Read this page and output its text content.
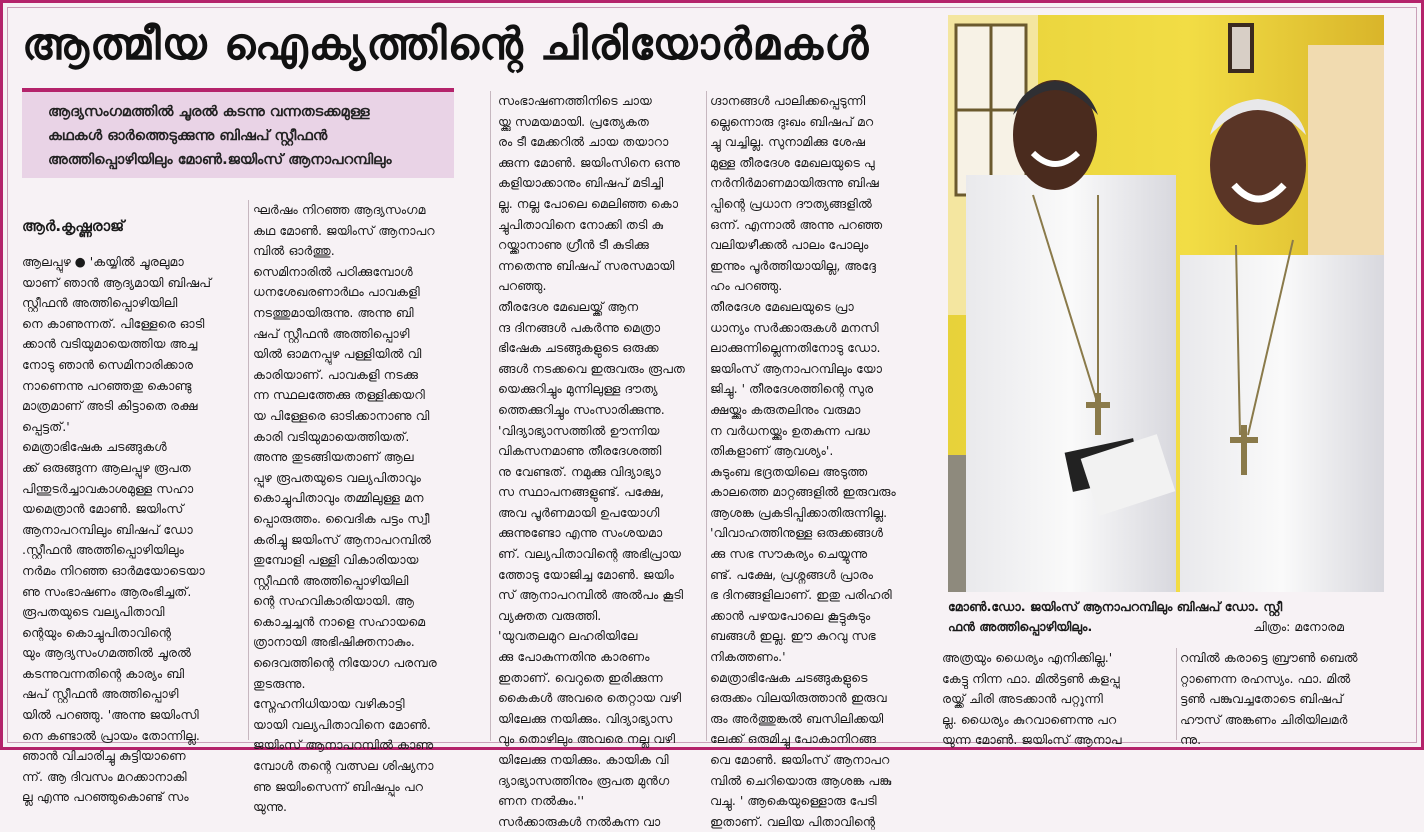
ആത്മീയ ഐക്യത്തിന്റെ ചിരിയോർമകൾ
ആദ്യസംഗമത്തിൽ ചൂരൽ കടന്നു വന്നതടക്കമുള്ള
കഥകൾ ഓർത്തെടുക്കുന്നു ബിഷപ് സ്റ്റീഫൻ
അത്തിപ്പൊഴിയിലും മോൺ.ജയിംസ് ആനാപറമ്പിലും
ആർ.കൃഷ്ണരാജ്
ആലപ്പുഴ ● 'കയ്യിൽ ചൂരലുമാ
യാണ് ഞാൻ ആദ്യമായി ബിഷപ്
സ്റ്റീഫൻ അത്തിപ്പൊഴിയിലി
നെ കാണുന്നത്. പിള്ളേരെ ഓടി
ക്കാൻ വടിയുമായെത്തിയ അച്ച
നോടു ഞാൻ സെമിനാരിക്കാര
നാണെന്നു പറഞ്ഞതു കൊണ്ടു
മാത്രമാണ് അടി കിട്ടാതെ രക്ഷ
പ്പെട്ടത്.'
മെത്രാഭിഷേക ചടങ്ങുകൾ
ക്ക് ഒരുങ്ങുന്ന ആലപ്പുഴ രൂപത
പിന്തുടർച്ചാവകാശമുള്ള സഹാ
യമെത്രാൻ മോൺ. ജയിംസ്
ആനാപറമ്പിലും ബിഷപ് ഡോ
.സ്റ്റീഫൻ അത്തിപ്പൊഴിയിലും
നർമം നിറഞ്ഞ ഓർമയോടെയാ
ണു സംഭാഷണം ആരംഭിച്ചത്.
രൂപതയുടെ വല്യപിതാവി
ന്റെയും കൊച്ചുപിതാവിന്റെ
യും ആദ്യസംഗമത്തിൽ ചൂരൽ
കടന്നുവന്നതിന്റെ കാര്യം ബി
ഷപ് സ്റ്റീഫൻ അത്തിപ്പൊഴി
യിൽ പറഞ്ഞു. 'അന്നു ജയിംസി
നെ കണ്ടാൽ പ്രായം തോന്നില്ല.
ഞാൻ വിചാരിച്ചു കുട്ടിയാണെ
ന്ന്. ആ ദിവസം മറക്കാനാകി
ല്ല എന്നു പറഞ്ഞുകൊണ്ട് സം
ഘർഷം നിറഞ്ഞ ആദ്യസംഗമ
കഥ മോൺ. ജയിംസ് ആനാപറ
മ്പിൽ ഓർത്തു.
സെമിനാരിൽ പഠിക്കുമ്പോൾ
ധനശേഖരണാർഥം പാവകളി
നടത്തുമായിരുന്നു. അന്നു ബി
ഷപ് സ്റ്റീഫൻ അത്തിപ്പൊഴി
യിൽ ഓമനപ്പുഴ പള്ളിയിൽ വി
കാരിയാണ്. പാവകളി നടക്കു
ന്ന സ്ഥലത്തേക്കു തള്ളിക്കയറി
യ പിള്ളേരെ ഓടിക്കാനാണു വി
കാരി വടിയുമായെത്തിയത്.
അന്നു തുടങ്ങിയതാണ് ആല
പ്പുഴ രൂപതയുടെ വല്യപിതാവും
കൊച്ചുപിതാവും തമ്മിലുള്ള മന
പ്പൊരുത്തം. വൈദിക പട്ടം സ്വീ
കരിച്ചു ജയിംസ് ആനാപറമ്പിൽ
തുമ്പോളി പള്ളി വികാരിയായ
സ്റ്റീഫൻ അത്തിപ്പൊഴിയിലി
ന്റെ സഹവികാരിയായി. ആ
കൊച്ചച്ചൻ നാളെ സഹായമെ
ത്രാനായി അഭിഷിക്തനാകും.
ദൈവത്തിന്റെ നിയോഗ പരമ്പര
തുടരുന്നു.
സ്നേഹനിധിയായ വഴികാട്ടി
യായി വല്യപിതാവിനെ മോൺ.
ജയിംസ് ആനാപറമ്പിൽ കാണു
മ്പോൾ തന്റെ വത്സല ശിഷ്യനാ
ണു ജയിംസെന്ന് ബിഷപ്പും പറ
യുന്നു.
സംഭാഷണത്തിനിടെ ചായ
യ്ക്കു സമയമായി. പ്രത്യേകത
രം ടീ മേക്കറിൽ ചായ തയാറാ
ക്കുന്ന മോൺ. ജയിംസിനെ ഒന്നു
കളിയാക്കാനും ബിഷപ് മടിച്ചി
ല്ല. നല്ല പോലെ മെലിഞ്ഞ കൊ
ച്ചുപിതാവിനെ നോക്കി തടി കു
റയ്ക്കാനാണു ഗ്രീൻ ടീ കുടിക്കു
ന്നതെന്നു ബിഷപ് സരസമായി
പറഞ്ഞു.
തീരദേശ മേഖലയ്ക്ക് ആന
ന്ദ ദിനങ്ങൾ പകർന്നു മെത്രാ
ഭിഷേക ചടങ്ങുകളുടെ ഒരുക്ക
ങ്ങൾ നടക്കവെ ഇരുവരും രൂപത
യെക്കുറിച്ചും മുന്നിലുള്ള ദൗത്യ
ത്തെക്കുറിച്ചും സംസാരിക്കുന്നു.
'വിദ്യാഭ്യാസത്തിൽ ഊന്നിയ
വികസനമാണു തീരദേശത്തി
നു വേണ്ടത്. നമുക്കു വിദ്യാഭ്യാ
സ സ്ഥാപനങ്ങളുണ്ട്. പക്ഷേ,
അവ പൂർണമായി ഉപയോഗി
ക്കുന്നുണ്ടോ എന്നു സംശയമാ
ണ്. വല്യപിതാവിന്റെ അഭിപ്രായ
ത്തോടു യോജിച്ച മോൺ. ജയിം
സ് ആനാപറമ്പിൽ അൽപം കൂടി
വ്യക്തത വരുത്തി.
'യുവതലമുറ ലഹരിയിലേ
ക്കു പോകുന്നതിനു കാരണം
ഇതാണ്. വെറുതെ ഇരിക്കുന്ന
കൈകൾ അവരെ തെറ്റായ വഴി
യിലേക്കു നയിക്കും. വിദ്യാഭ്യാസ
വും തൊഴിലും അവരെ നല്ല വഴി
യിലേക്കു നയിക്കും. കായിക വി
ദ്യാഭ്യാസത്തിനും രൂപത മുൻഗ
ണന നൽകും.''
സർക്കാരുകൾ നൽകുന്ന വാ
ഗ്ദാനങ്ങൾ പാലിക്കപ്പെടുന്നി
ല്ലെന്നൊരു ദുഃഖം ബിഷപ് മറ
ച്ചു വച്ചില്ല. സുനാമിക്കു ശേഷ
മുള്ള തീരദേശ മേഖലയുടെ പു
നർനിർമാണമായിരുന്നു ബിഷ
പ്പിന്റെ പ്രധാന ദൗത്യങ്ങളിൽ
ഒന്ന്. എന്നാൽ അന്നു പറഞ്ഞ
വലിയഴീക്കൽ പാലം പോലും
ഇന്നും പൂർത്തിയായില്ല, അദ്ദേ
ഹം പറഞ്ഞു.
തീരദേശ മേഖലയുടെ പ്രാ
ധാന്യം സർക്കാരുകൾ മനസി
ലാക്കുന്നില്ലെന്നതിനോടു ഡോ.
ജയിംസ് ആനാപറമ്പിലും യോ
ജിച്ചു. ' തീരദേശത്തിന്റെ സുര
ക്ഷയ്ക്കും കരുതലിനും വരുമാ
ന വർധനയ്ക്കും ഉതകുന്ന പദ്ധ
തികളാണ് ആവശ്യം'.
കുടുംബ ഭദ്രതയിലെ അടുത്ത
കാലത്തെ മാറ്റങ്ങളിൽ ഇരുവരും
ആശങ്ക പ്രകടിപ്പിക്കാതിരുന്നില്ല.
'വിവാഹത്തിനുള്ള ഒരുക്കങ്ങൾ
ക്കു സഭ സൗകര്യം ചെയ്യുന്നു
ണ്ട്. പക്ഷേ, പ്രശ്നങ്ങൾ പ്രാരം
ഭ ദിനങ്ങളിലാണ്. ഇതു പരിഹരി
ക്കാൻ പഴയപോലെ കൂട്ടുകുടും
ബങ്ങൾ ഇല്ല. ഈ കുറവു സഭ
നികത്തണം.'
മെത്രാഭിഷേക ചടങ്ങുകളുടെ
ഒരുക്കം വിലയിരുത്താൻ ഇരുവ
രും അർത്തുങ്കൽ ബസിലിക്കയി
ലേക്ക് ഒരുമിച്ചു പോകാനിറങ്ങ
വെ മോൺ. ജയിംസ് ആനാപറ
മ്പിൽ ചെറിയൊരു ആശങ്ക പങ്കു
വച്ചു. ' ആകെയുള്ളൊരു പേടി
ഇതാണ്. വലിയ പിതാവിന്റെ
അത്രയും ധൈര്യം എനിക്കില്ല.'
കേട്ടു നിന്ന ഫാ. മിൽട്ടൺ കളപ്പു
രയ്ക്ക് ചിരി അടക്കാൻ പറ്റുന്നി
ല്ല. ധൈര്യം കുറവാണെന്നു പറ
യുന്ന മോൺ. ജയിംസ് ആനാപ
റമ്പിൽ കരാട്ടെ ബ്രൗൺ ബെൽ
റ്റാണെന്ന രഹസ്യം. ഫാ. മിൽ
ട്ടൺ പങ്കുവച്ചതോടെ ബിഷപ്
ഹൗസ് അങ്കണം ചിരിയിലമർ
ന്നു.
മോൺ.ഡോ. ജയിംസ് ആനാപറമ്പിലും ബിഷപ് ഡോ. സ്റ്റീ
ഫൻ അത്തിപ്പൊഴിയിലും.	ചിത്രം: മനോരമ
